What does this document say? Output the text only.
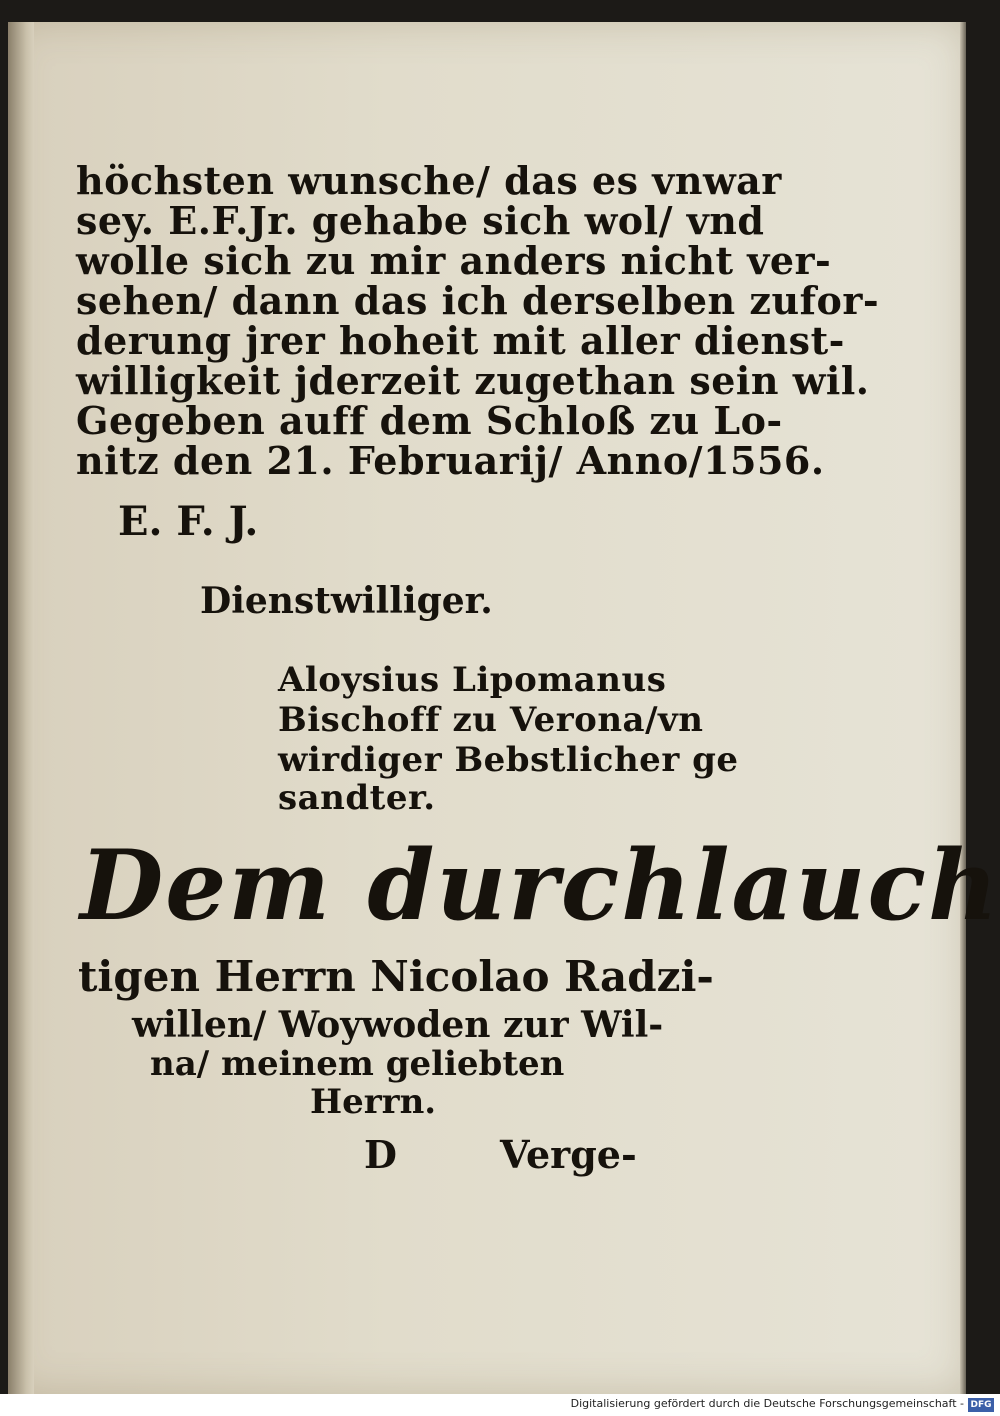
höchsten wunsche/ das es vnwar
sey. E.F.Jr. gehabe sich wol/ vnd
wolle sich zu mir anders nicht ver-
sehen/ dann das ich derselben zufor-
derung jrer hoheit mit aller dienst-
willigkeit jderzeit zugethan sein wil.
Gegeben auff dem Schloß zu Lo-
nitz den 21. Februarij/ Anno/1556.
E. F. J.
Dienstwilliger.
Aloysius Lipomanus
Bischoff zu Verona/vn
wirdiger Bebstlicher ge
sandter.
Dem durchlauch
tigen Herrn Nicolao Radzi-
willen/ Woywoden zur Wil-
na/ meinem geliebten
Herrn.
D	Verge-
Digitalisierung gefördert durch die Deutsche Forschungsgemeinschaft - DFG
